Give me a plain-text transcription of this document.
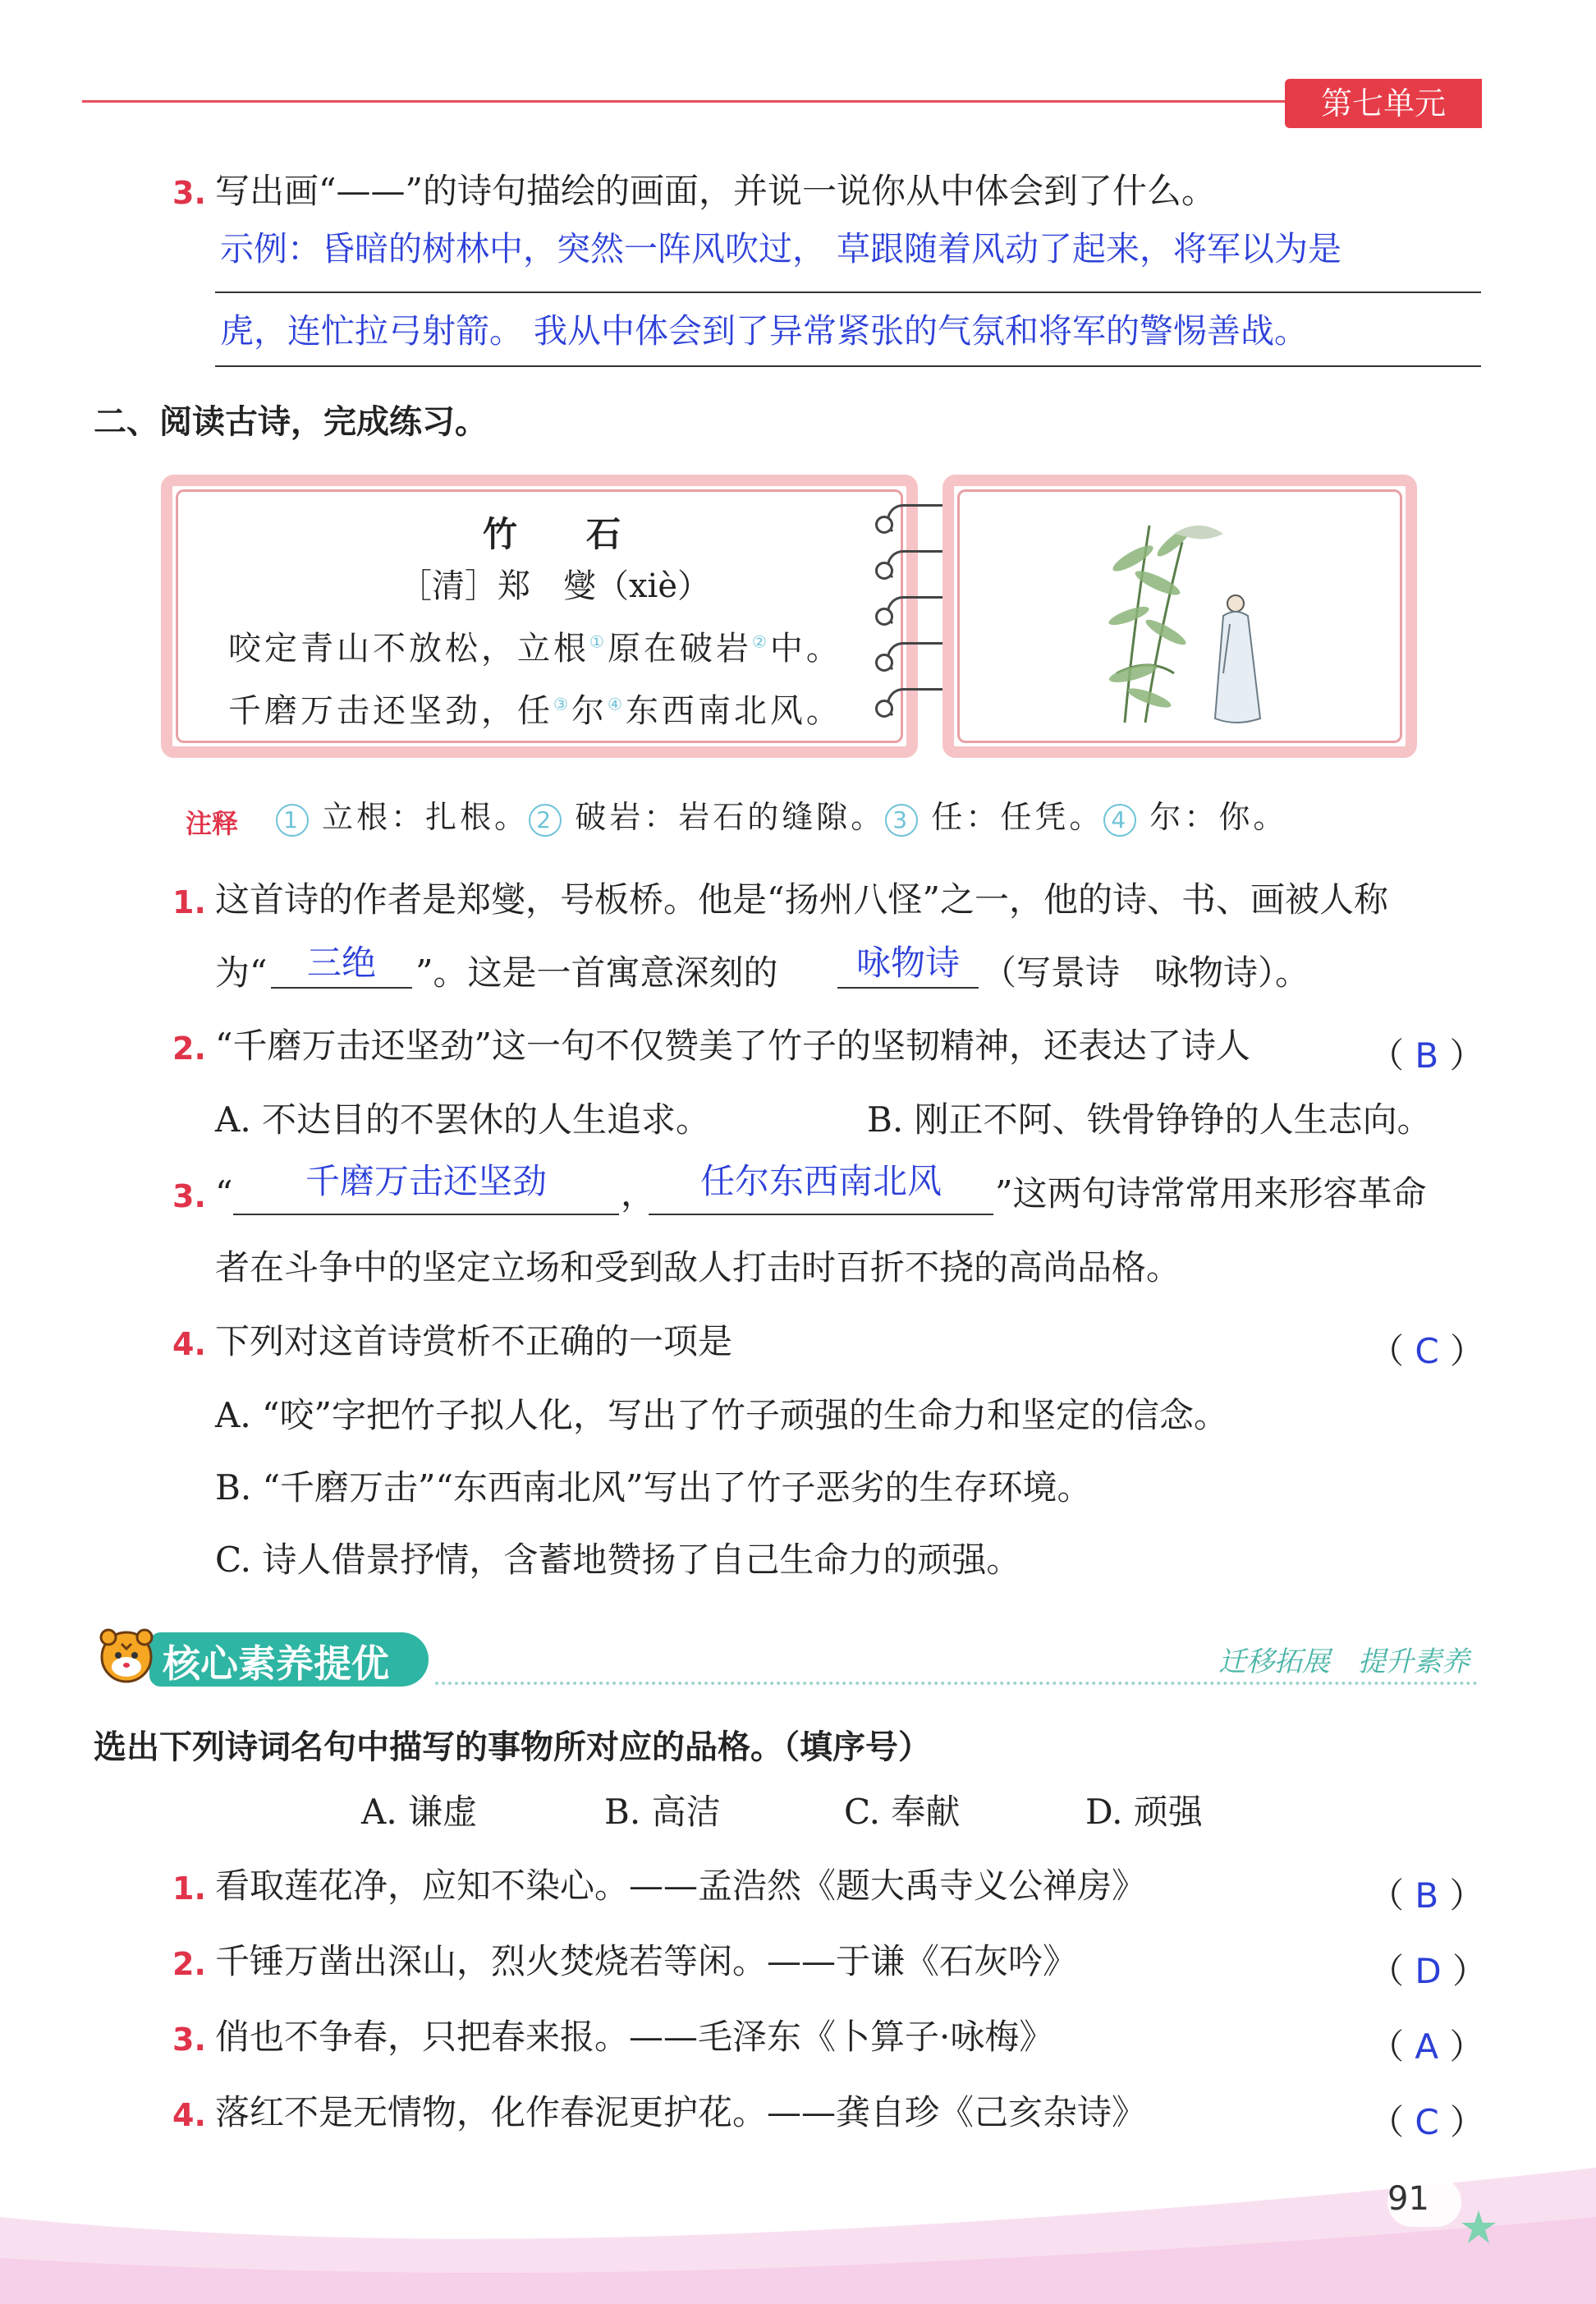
第七单元
3. 写出画“——”的诗句描绘的画面，并说一说你从中体会到了什么。
示例：昏暗的树林中，突然一阵风吹过， 草跟随着风动了起来，将军以为是
虎，连忙拉弓射箭。 我从中体会到了异常紧张的气氛和将军的警惕善战。
二、阅读古诗，完成练习。
竹　　石
［清］郑　燮（xiè）
咬定青山不放松，立根①原在破岩②中。
千磨万击还坚劲，任③尔④东西南北风。
注释	1 立根：扎根。 2 破岩：岩石的缝隙。 3 任：任凭。 4 尔：你。
1. 这首诗的作者是郑燮，号板桥。他是“扬州八怪”之一，他的诗、书、画被人称
为“	三绝	”。这是一首寓意深刻的	咏物诗 （写景诗　咏物诗）。
2. “千磨万击还坚劲”这一句不仅赞美了竹子的坚韧精神，还表达了诗人	（ B ）
A. 不达目的不罢休的人生追求。	B. 刚正不阿、铁骨铮铮的人生志向。
3. “	千磨万击还坚劲	，	任尔东西南北风	”这两句诗常常用来形容革命
者在斗争中的坚定立场和受到敌人打击时百折不挠的高尚品格。
4. 下列对这首诗赏析不正确的一项是	（ C ）
A. “咬”字把竹子拟人化，写出了竹子顽强的生命力和坚定的信念。
B. “千磨万击”“东西南北风”写出了竹子恶劣的生存环境。
C. 诗人借景抒情，含蓄地赞扬了自己生命力的顽强。
核心素养提优	迁移拓展　提升素养
选出下列诗词名句中描写的事物所对应的品格。（填序号）
A. 谦虚	B. 高洁	C. 奉献	D. 顽强
1. 看取莲花净，应知不染心。——孟浩然《题大禹寺义公禅房》	（ B ）
2. 千锤万凿出深山，烈火焚烧若等闲。——于谦《石灰吟》	（ D ）
3. 俏也不争春，只把春来报。——毛泽东《卜算子·咏梅》	（ A ）
4. 落红不是无情物，化作春泥更护花。——龚自珍《己亥杂诗》	（ C ）
91
